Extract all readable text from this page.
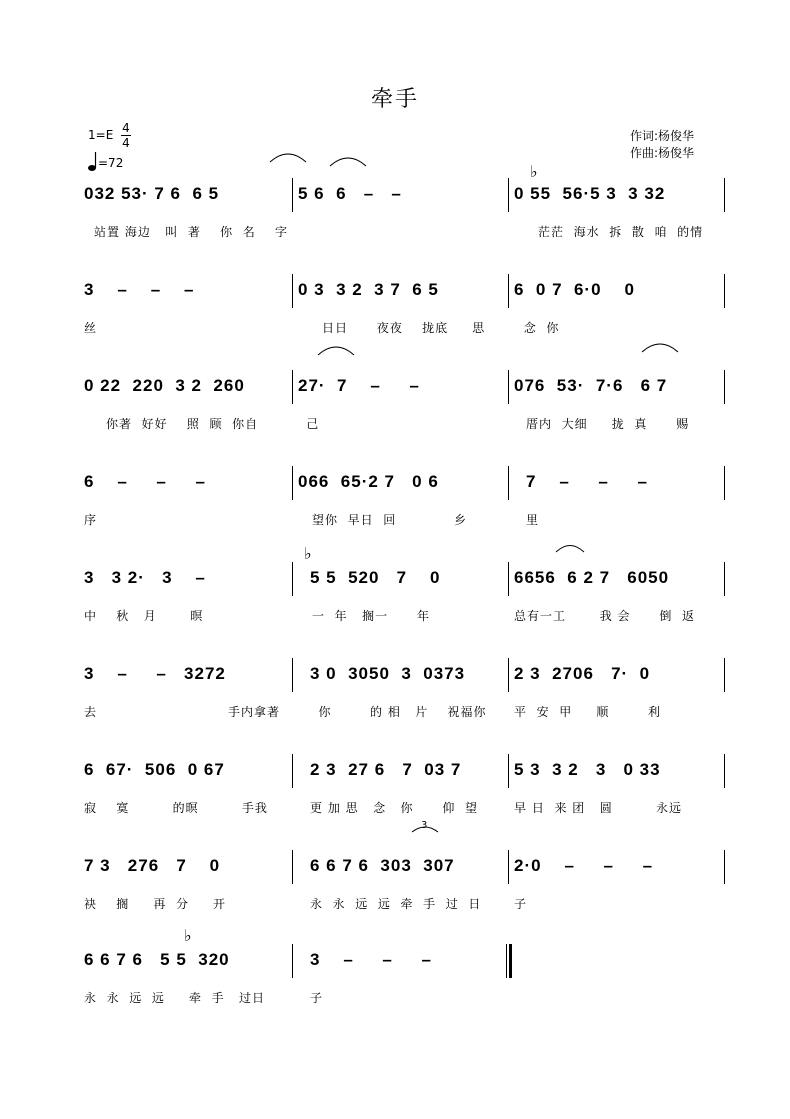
牵手
1=E 4
4
=72
作词:杨俊华
作曲:杨俊华
032 53· 7 6  6 5	5 6  6   –   –	0 55  56·5 3  3 32
站置 海边   叫  著    你  名    字	茫茫  海水  拆  散  咱  的情
♭
3    –    –    –	0 3  3 2  3 7  6 5	6  0 7  6·0    0
丝	日日      夜夜    拢底     思        念  你
0 22  220  3 2  260	27·  7    –     –	076  53·  7·6   6 7
你著  好好    照  顾  你自          己	厝内  大细     拢  真      赐
6    –     –     –	066  65·2 7   0 6	7    –     –     –
序	望你  早日  回            乡	里
3   3 2·   3    –	5 5  520   7    0	6656  6 2 7   6050
中    秋   月       暝	一  年   搁一      年	总有一工       我 会      倒  返
♭
3    –     –   3272	3 0  3050  3  0373	2 3  2706   7·  0
去	手内拿著        你        的 相   片    祝福你 平  安  甲     顺        利
6  67·  506  0 67	2 3  27 6   7  03 7	5 3  3 2   3   0 33
寂    寞         的暝         手我	更 加 思   念   你      仰  望	早 日  来 团   圆         永远
3
7 3   276   7    0	6 6 7 6  303  307	2·0    –     –     –
袂    搁     再  分     开	永  永  远  远  牵  手  过  日	子
6 6 7 6   5 5  320	3    –     –     –
永  永  远  远     牵  手   过日	子
♭
